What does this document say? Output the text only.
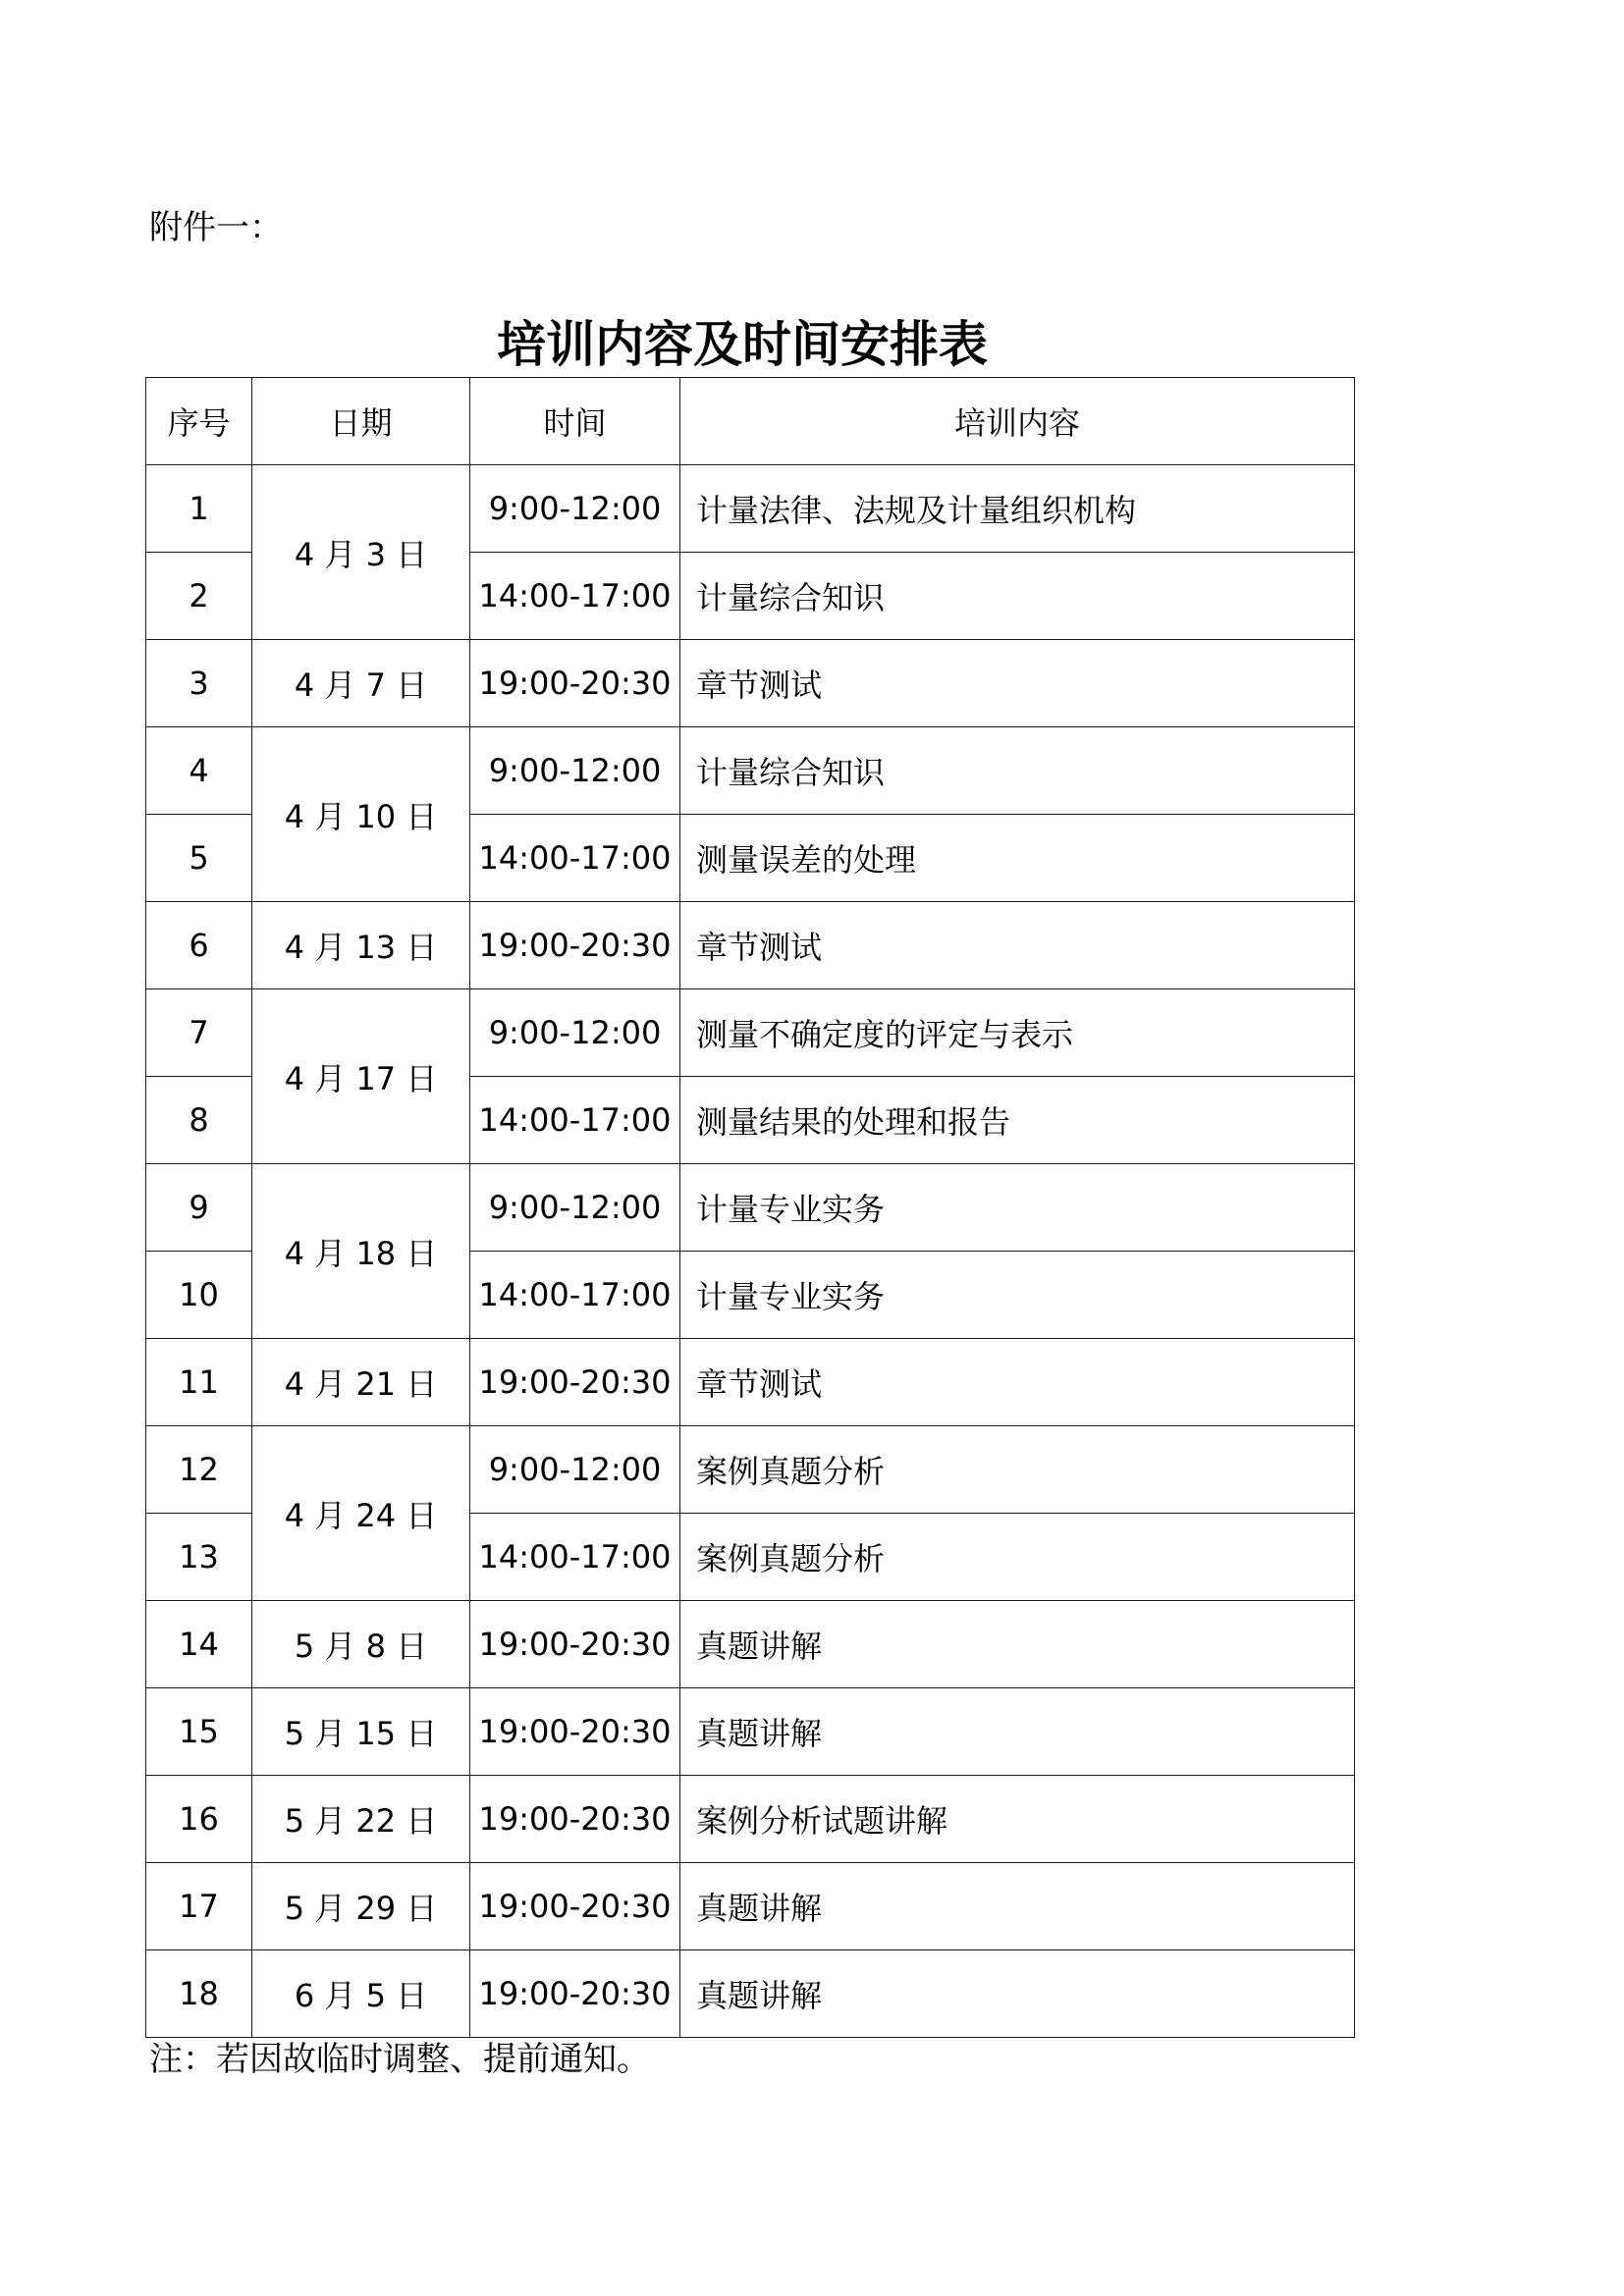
附件一：
培训内容及时间安排表
序号	日期	时间	培训内容
1	4 月 3 日	9:00-12:00	计量法律、法规及计量组织机构
2		14:00-17:00	计量综合知识
3	4 月 7 日	19:00-20:30	章节测试
4	4 月 10 日	9:00-12:00	计量综合知识
5		14:00-17:00	测量误差的处理
6	4 月 13 日	19:00-20:30	章节测试
7	4 月 17 日	9:00-12:00	测量不确定度的评定与表示
8		14:00-17:00	测量结果的处理和报告
9	4 月 18 日	9:00-12:00	计量专业实务
10		14:00-17:00	计量专业实务
11	4 月 21 日	19:00-20:30	章节测试
12	4 月 24 日	9:00-12:00	案例真题分析
13		14:00-17:00	案例真题分析
14	5 月 8 日	19:00-20:30	真题讲解
15	5 月 15 日	19:00-20:30	真题讲解
16	5 月 22 日	19:00-20:30	案例分析试题讲解
17	5 月 29 日	19:00-20:30	真题讲解
18	6 月 5 日	19:00-20:30	真题讲解
注：若因故临时调整、提前通知。
